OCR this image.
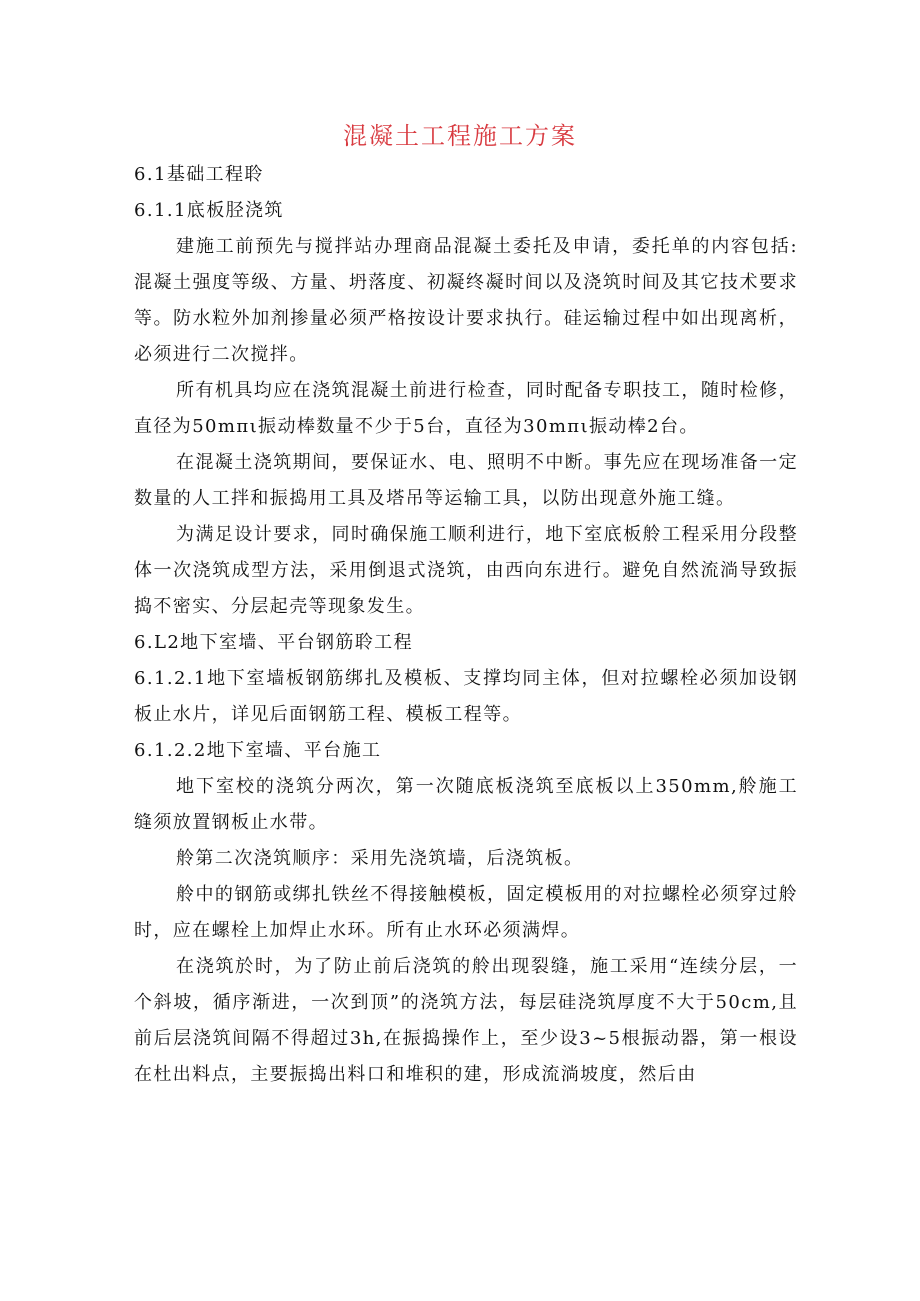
混凝土工程施工方案

6.1基础工程聆

6.1.1底板胫浇筑

建施工前预先与搅拌站办理商品混凝土委托及申请，委托单的内容包括:混凝土强度等级、方量、坍落度、初凝终凝时间以及浇筑时间及其它技术要求等。防水粒外加剂掺量必须严格按设计要求执行。硅运输过程中如出现离析，必须进行二次搅拌。

所有机具均应在浇筑混凝土前进行检查，同时配备专职技工，随时检修，直径为50mπι振动棒数量不少于5台，直径为30mπι振动棒2台。

在混凝土浇筑期间，要保证水、电、照明不中断。事先应在现场准备一定数量的人工拌和振捣用工具及塔吊等运输工具，以防出现意外施工缝。

为满足设计要求，同时确保施工顺利进行，地下室底板舲工程采用分段整体一次浇筑成型方法，采用倒退式浇筑，由西向东进行。避免自然流淌导致振捣不密实、分层起壳等现象发生。

6.L2地下室墙、平台钢筋聆工程

6.1.2.1地下室墙板钢筋绑扎及模板、支撑均同主体，但对拉螺栓必须加设钢板止水片，详见后面钢筋工程、模板工程等。

6.1.2.2地下室墙、平台施工

地下室校的浇筑分两次，第一次随底板浇筑至底板以上350mm,舲施工缝须放置钢板止水带。

舲第二次浇筑顺序：采用先浇筑墙，后浇筑板。

舲中的钢筋或绑扎铁丝不得接触模板，固定模板用的对拉螺栓必须穿过舲时，应在螺栓上加焊止水环。所有止水环必须满焊。

在浇筑於时，为了防止前后浇筑的舲出现裂缝，施工采用“连续分层，一个斜坡，循序渐进，一次到顶”的浇筑方法，每层硅浇筑厚度不大于50cm,且前后层浇筑间隔不得超过3h,在振捣操作上，至少设3~5根振动器，第一根设在杜出料点，主要振捣出料口和堆积的建，形成流淌坡度，然后由
